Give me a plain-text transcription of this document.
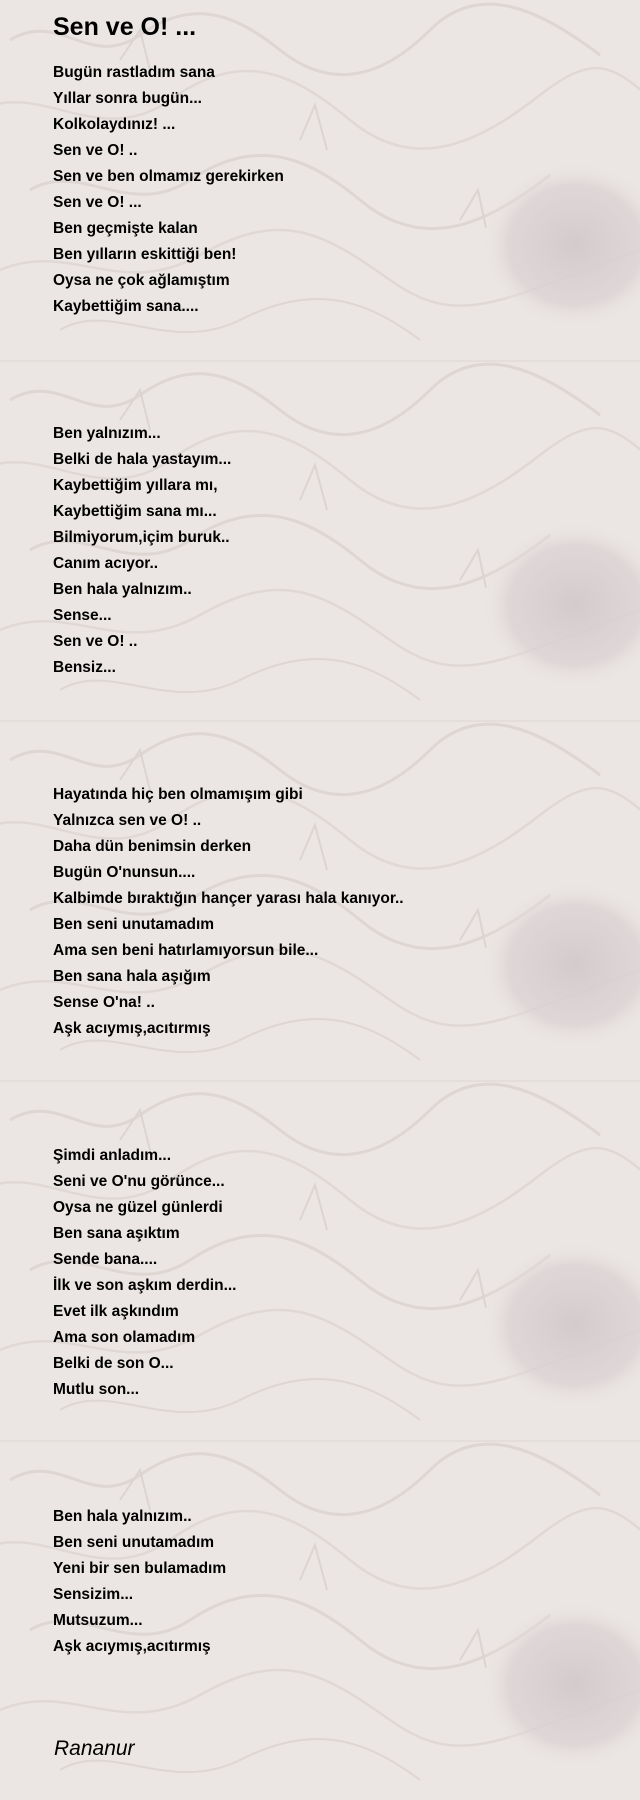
Sen ve O! ...
Bugün rastladım sana
Yıllar sonra bugün...
Kolkolaydınız! ...
Sen ve O! ..
Sen ve ben olmamız gerekirken
Sen ve O! ...
Ben geçmişte kalan
Ben yılların eskittiği ben!
Oysa ne çok ağlamıştım
Kaybettiğim sana....
Ben yalnızım...
Belki de hala yastayım...
Kaybettiğim yıllara mı,
Kaybettiğim sana mı...
Bilmiyorum,içim buruk..
Canım acıyor..
Ben hala yalnızım..
Sense...
Sen ve O! ..
Bensiz...
Hayatında hiç ben olmamışım gibi
Yalnızca sen ve O! ..
Daha dün benimsin derken
Bugün O'nunsun....
Kalbimde bıraktığın hançer yarası hala kanıyor..
Ben seni unutamadım
Ama sen beni hatırlamıyorsun bile...
Ben sana hala aşığım
Sense O'na! ..
Aşk acıymış,acıtırmış
Şimdi anladım...
Seni ve O'nu görünce...
Oysa ne güzel günlerdi
Ben sana aşıktım
Sende bana....
İlk ve son aşkım derdin...
Evet ilk aşkındım
Ama son olamadım
Belki de son O...
Mutlu son...
Ben hala yalnızım..
Ben seni unutamadım
Yeni bir sen bulamadım
Sensizim...
Mutsuzum...
Aşk acıymış,acıtırmış
Rananur
